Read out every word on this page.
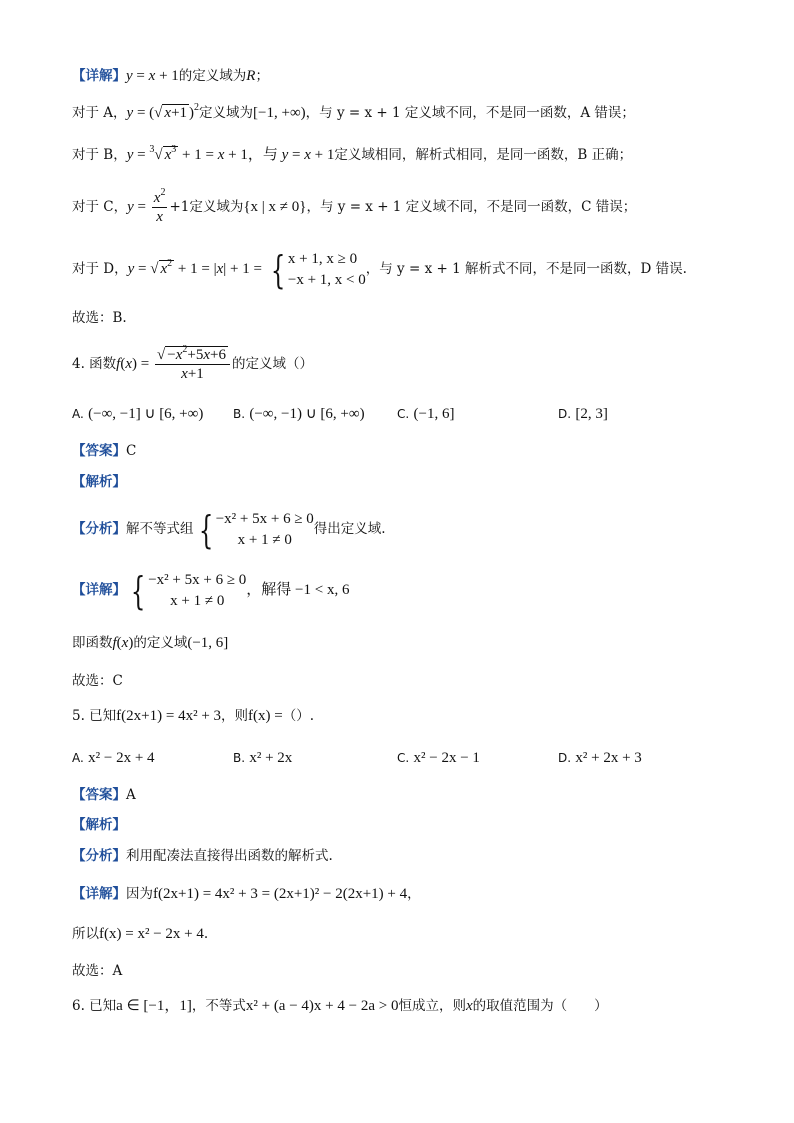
【详解】y = x + 1的定义域为R；
对于 A，y = (√ x+1 )$^2$定义域为[−1, +∞)，与 y = x + 1 定义域不同，不是同一函数，A 错误；
对于 B，y = $^3$√ $x^3 + 1 = x + 1$，与 y = x + 1定义域相同，解析式相同，是同一函数，B 正确；
对于 C，$y = \frac{x^2}{x} +1$定义域为{x | x ≠ 0}，与 y = x + 1 定义域不同，不是同一函数，C 错误；
对于 D，y = √ $x^2 + 1 = |x| + 1$ = { x + 1, x ≥ 0
−x + 1, x < 0
，与 y = x + 1 解析式不同，不是同一函数，D 错误.
故选：B.
4. 函数$f(x) = \frac{√ -x^2+5x+6}{x+1}$ 的定义域（）
A. (−∞, −1] ∪ [6, +∞) B. (−∞, −1) ∪ [6, +∞)	C. (−1, 6]	D. [2, 3]
【答案】C
【解析】
【分析】解不等式组 { −x² + 5x + 6 ≥ 0
x + 1 ≠ 0
得出定义域.
【详解】 { −x² + 5x + 6 ≥ 0
x + 1 ≠ 0
，解得 −1 < x, 6
即函数f(x)的定义域(−1, 6]
故选：C
5. 已知f(2x+1) = 4x² + 3，则f(x) =（）.
A. x² − 2x + 4	B. x² + 2x	C. x² − 2x − 1	D. x² + 2x + 3
【答案】A
【解析】
【分析】利用配凑法直接得出函数的解析式.
【详解】因为f(2x+1) = 4x² + 3 = (2x+1)² − 2(2x+1) + 4，
所以f(x) = x² − 2x + 4.
故选：A
6. 已知a ∈ [−1，1]，不等式x² + (a − 4)x + 4 − 2a > 0恒成立，则x的取值范围为（　　）
